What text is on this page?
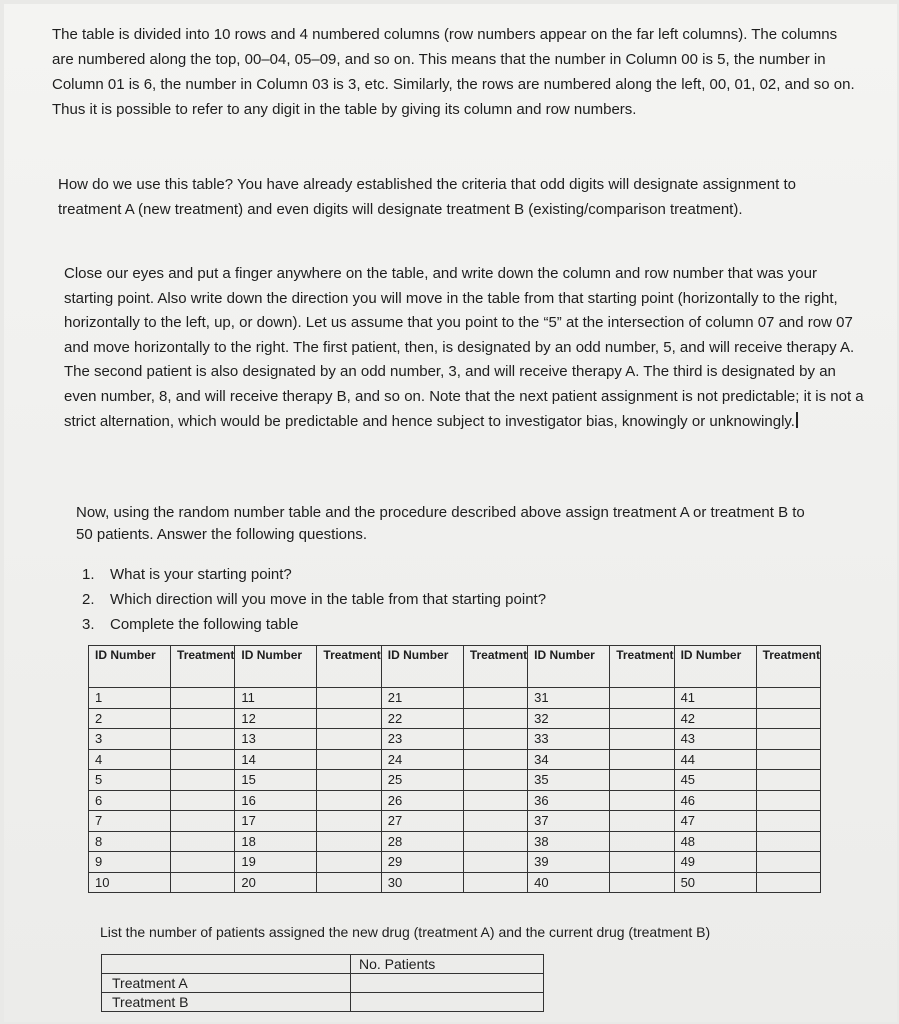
The table is divided into 10 rows and 4 numbered columns (row numbers appear on the far left columns). The columns are numbered along the top, 00–04, 05–09, and so on. This means that the number in Column 00 is 5, the number in Column 01 is 6, the number in Column 03 is 3, etc. Similarly, the rows are numbered along the left, 00, 01, 02, and so on. Thus it is possible to refer to any digit in the table by giving its column and row numbers.

How do we use this table? You have already established the criteria that odd digits will designate assignment to treatment A (new treatment) and even digits will designate treatment B (existing/comparison treatment).

Close our eyes and put a finger anywhere on the table, and write down the column and row number that was your starting point. Also write down the direction you will move in the table from that starting point (horizontally to the right, horizontally to the left, up, or down). Let us assume that you point to the “5” at the intersection of column 07 and row 07 and move horizontally to the right. The first patient, then, is designated by an odd number, 5, and will receive therapy A. The second patient is also designated by an odd number, 3, and will receive therapy A. The third is designated by an even number, 8, and will receive therapy B, and so on. Note that the next patient assignment is not predictable; it is not a strict alternation, which would be predictable and hence subject to investigator bias, knowingly or unknowingly.

Now, using the random number table and the procedure described above assign treatment A or treatment B to 50 patients. Answer the following questions.

1. What is your starting point?
2. Which direction will you move in the table from that starting point?
3. Complete the following table
ID Number	Treatment	ID Number	Treatment	ID Number	Treatment	ID Number	Treatment	ID Number	Treatment
1		11		21		31		41	
2		12		22		32		42	
3		13		23		33		43	
4		14		24		34		44	
5		15		25		35		45	
6		16		26		36		46	
7		17		27		37		47	
8		18		28		38		48	
9		19		29		39		49	
10		20		30		40		50	
List the number of patients assigned the new drug (treatment A) and the current drug (treatment B)
	No. Patients
Treatment A	
Treatment B	
